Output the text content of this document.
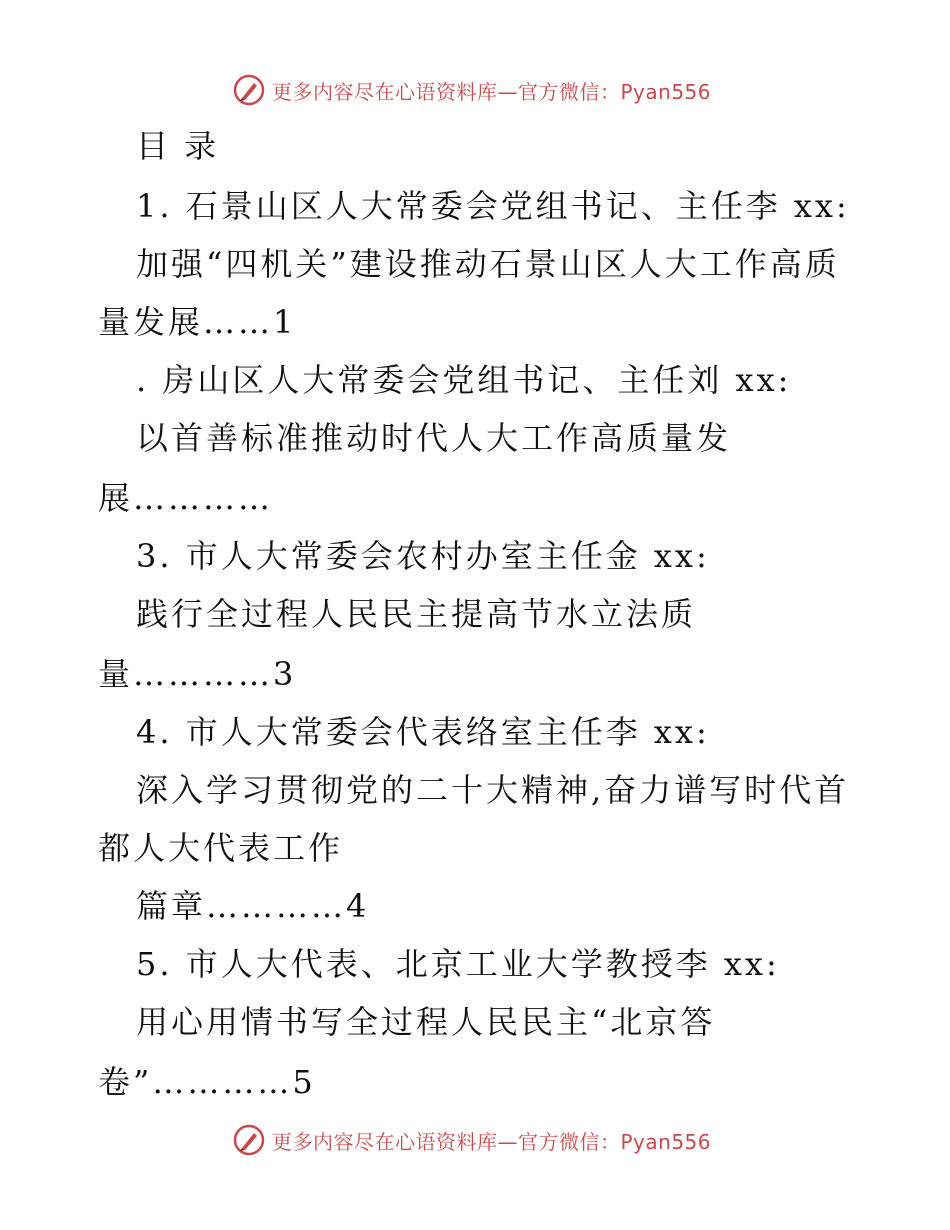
更多内容尽在心语资料库—官方微信：Pyan556
目 录
1. 石景山区人大常委会党组书记、主任李 xx:
加强“四机关”建设推动石景山区人大工作高质
量发展……1
. 房山区人大常委会党组书记、主任刘 xx:
以首善标准推动时代人大工作高质量发
展…………
3. 市人大常委会农村办室主任金 xx:
践行全过程人民民主提高节水立法质
量…………3
4. 市人大常委会代表络室主任李 xx:
深入学习贯彻党的二十大精神,奋力谱写时代首
都人大代表工作
篇章…………4
5. 市人大代表、北京工业大学教授李 xx:
用心用情书写全过程人民民主“北京答
卷”…………5
更多内容尽在心语资料库—官方微信：Pyan556
